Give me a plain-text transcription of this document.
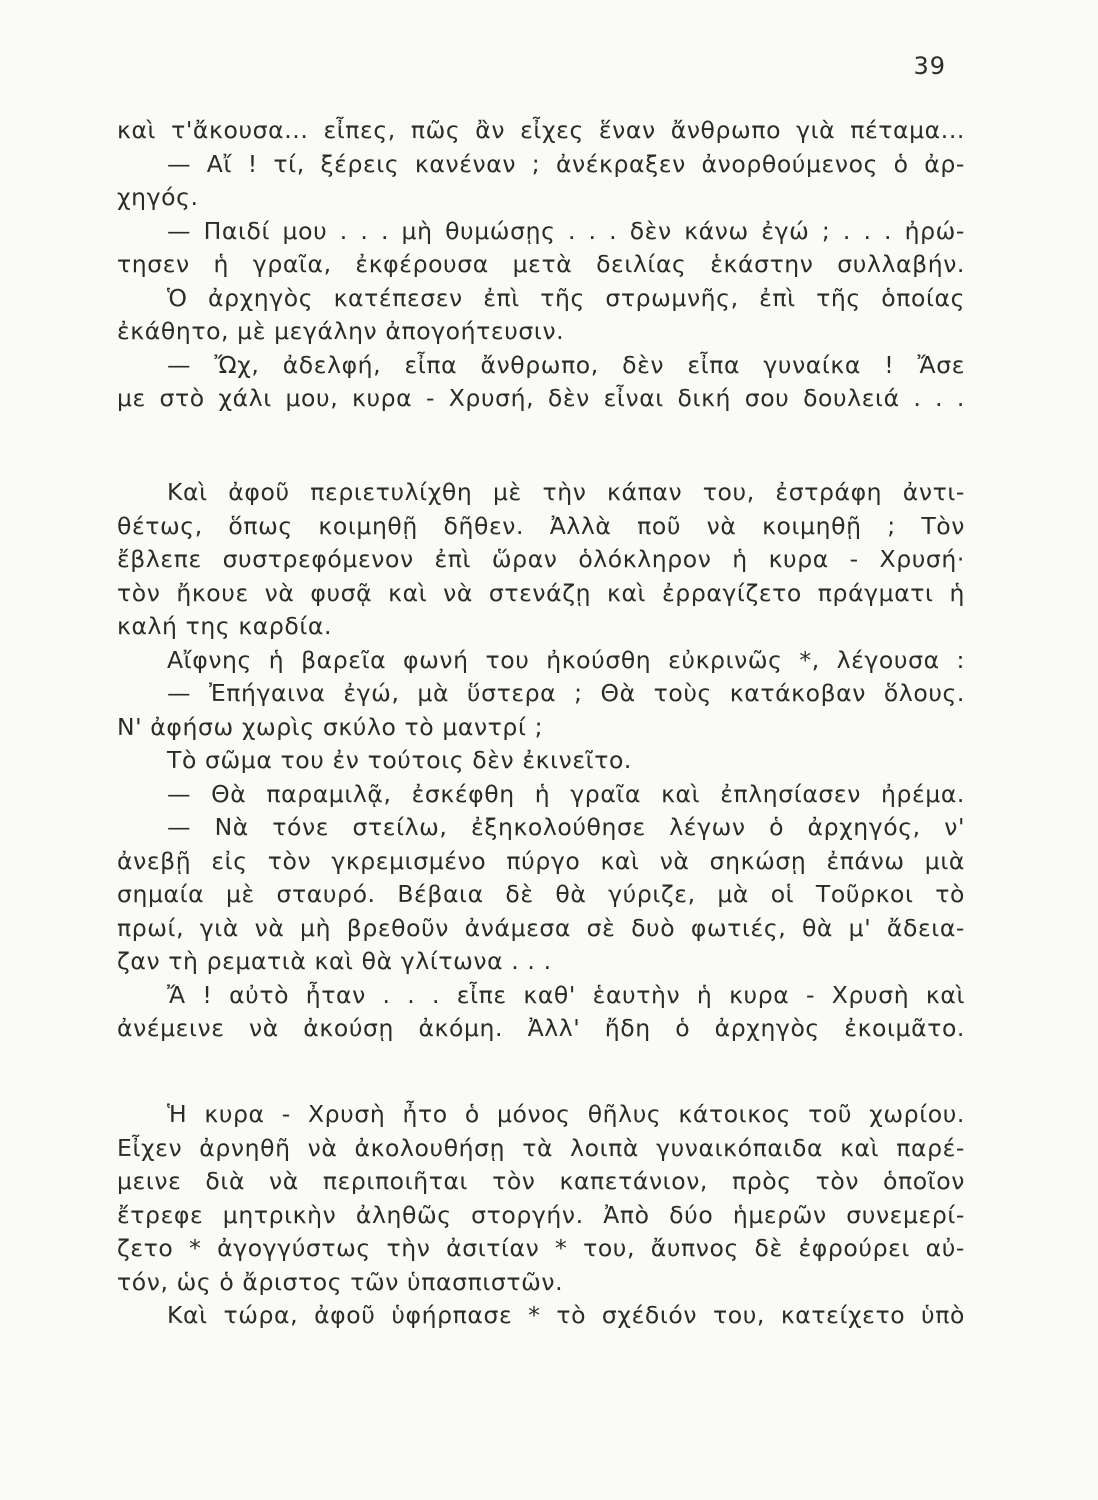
39
καὶ τ'ἄκουσα... εἶπες, πῶς ἂν εἶχες ἕναν ἄνθρωπο γιὰ πέταμα...
— Αἴ ! τί, ξέρεις κανέναν ; ἀνέκραξεν ἀνορθούμενος ὁ ἀρ-
χηγός.
— Παιδί μου . . . μὴ θυμώσῃς . . . δὲν κάνω ἐγώ ; . . . ἠρώ-
τησεν ἡ γραῖα, ἐκφέρουσα μετὰ δειλίας ἑκάστην συλλαβήν.
Ὁ ἀρχηγὸς κατέπεσεν ἐπὶ τῆς στρωμνῆς, ἐπὶ τῆς ὁποίας
ἐκάθητο, μὲ μεγάλην ἀπογοήτευσιν.
— Ὤχ, ἀδελφή, εἶπα ἄνθρωπο, δὲν εἶπα γυναίκα ! Ἄσε
με στὸ χάλι μου, κυρα - Χρυσή, δὲν εἶναι δική σου δουλειά . . .
Καὶ ἀφοῦ περιετυλίχθη μὲ τὴν κάπαν του, ἐστράφη ἀντι-
θέτως, ὅπως κοιμηθῇ δῆθεν. Ἀλλὰ ποῦ νὰ κοιμηθῇ ; Τὸν
ἔβλεπε συστρεφόμενον ἐπὶ ὥραν ὁλόκληρον ἡ κυρα - Χρυσή·
τὸν ἤκουε νὰ φυσᾷ καὶ νὰ στενάζῃ καὶ ἐρραγίζετο πράγματι ἡ
καλή της καρδία.
Αἴφνης ἡ βαρεῖα φωνή του ἠκούσθη εὐκρινῶς *, λέγουσα :
— Ἐπήγαινα ἐγώ, μὰ ὕστερα ; Θὰ τοὺς κατάκοβαν ὅλους.
Ν' ἀφήσω χωρὶς σκύλο τὸ μαντρί ;
Τὸ σῶμα του ἐν τούτοις δὲν ἐκινεῖτο.
— Θὰ παραμιλᾷ, ἐσκέφθη ἡ γραῖα καὶ ἐπλησίασεν ἠρέμα.
— Νὰ τόνε στείλω, ἐξηκολούθησε λέγων ὁ ἀρχηγός, ν'
ἀνεβῇ εἰς τὸν γκρεμισμένο πύργο καὶ νὰ σηκώσῃ ἐπάνω μιὰ
σημαία μὲ σταυρό. Βέβαια δὲ θὰ γύριζε, μὰ οἱ Τοῦρκοι τὸ
πρωί, γιὰ νὰ μὴ βρεθοῦν ἀνάμεσα σὲ δυὸ φωτιές, θὰ μ' ἄδεια-
ζαν τὴ ρεματιὰ καὶ θὰ γλίτωνα . . .
Ἄ ! αὐτὸ ἦταν . . . εἶπε καθ' ἑαυτὴν ἡ κυρα - Χρυσὴ καὶ
ἀνέμεινε νὰ ἀκούσῃ ἀκόμη. Ἀλλ' ἤδη ὁ ἀρχηγὸς ἐκοιμᾶτο.
Ἡ κυρα - Χρυσὴ ἦτο ὁ μόνος θῆλυς κάτοικος τοῦ χωρίου.
Εἶχεν ἀρνηθῆ νὰ ἀκολουθήσῃ τὰ λοιπὰ γυναικόπαιδα καὶ παρέ-
μεινε διὰ νὰ περιποιῆται τὸν καπετάνιον, πρὸς τὸν ὁποῖον
ἔτρεφε μητρικὴν ἀληθῶς στοργήν. Ἀπὸ δύο ἡμερῶν συνεμερί-
ζετο * ἀγογγύστως τὴν ἀσιτίαν * του, ἄυπνος δὲ ἐφρούρει αὐ-
τόν, ὡς ὁ ἄριστος τῶν ὑπασπιστῶν.
Καὶ τώρα, ἀφοῦ ὑφήρπασε * τὸ σχέδιόν του, κατείχετο ὑπὸ
